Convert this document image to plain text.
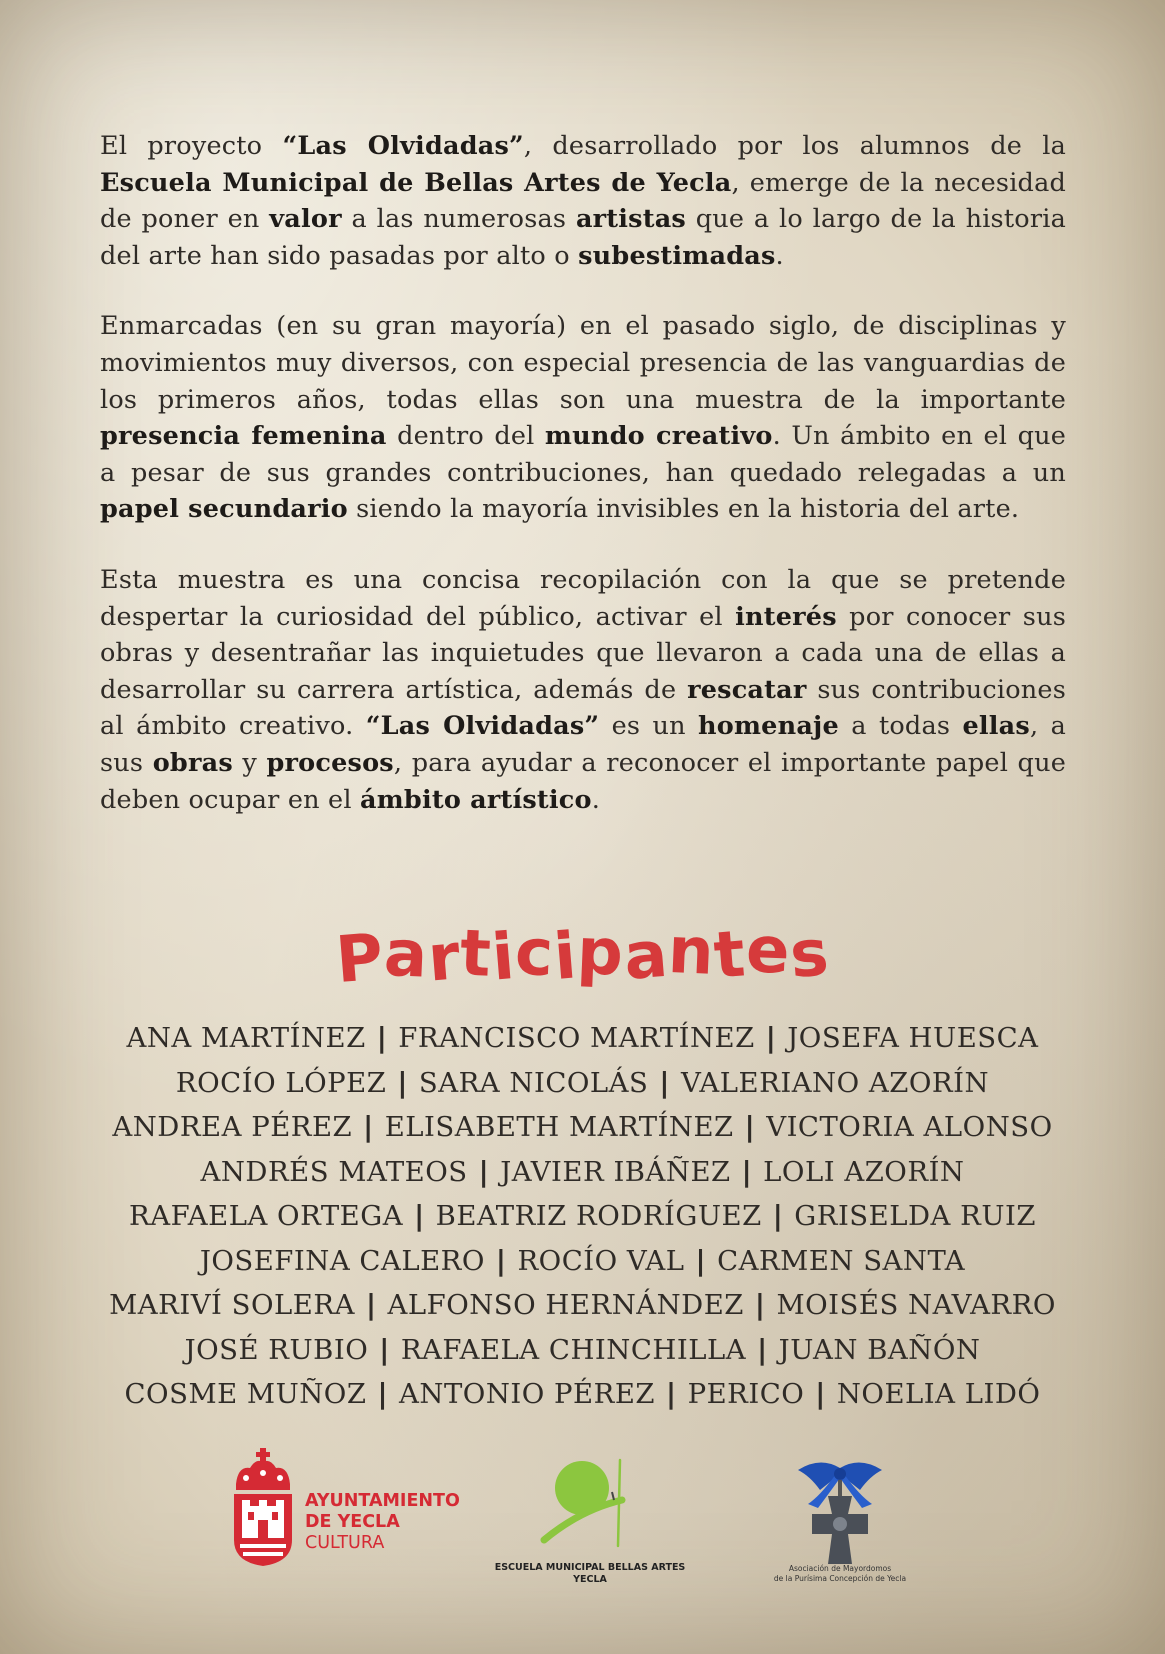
El proyecto “Las Olvidadas”, desarrollado por los alumnos de la Escuela Municipal de Bellas Artes de Yecla, emerge de la necesidad de poner en valor a las numerosas artistas que a lo largo de la historia del arte han sido pasadas por alto o subestimadas.

Enmarcadas (en su gran mayoría) en el pasado siglo, de disciplinas y movimientos muy diversos, con especial presencia de las vanguardias de los primeros años, todas ellas son una muestra de la importante presencia femenina dentro del mundo creativo. Un ámbito en el que a pesar de sus grandes contribuciones, han quedado relegadas a un papel secundario siendo la mayoría invisibles en la historia del arte.

Esta muestra es una concisa recopilación con la que se pretende despertar la curiosidad del público, activar el interés por conocer sus obras y desentrañar las inquietudes que llevaron a cada una de ellas a desarrollar su carrera artística, además de rescatar sus contribuciones al ámbito creativo. “Las Olvidadas” es un homenaje a todas ellas, a sus obras y procesos, para ayudar a reconocer el importante papel que deben ocupar en el ámbito artístico.

Participantes
ANA MARTÍNEZ | FRANCISCO MARTÍNEZ | JOSEFA HUESCA
ROCÍO LÓPEZ | SARA NICOLÁS | VALERIANO AZORÍN
ANDREA PÉREZ | ELISABETH MARTÍNEZ | VICTORIA ALONSO
ANDRÉS MATEOS | JAVIER IBÁÑEZ | LOLI AZORÍN
RAFAELA ORTEGA | BEATRIZ RODRÍGUEZ | GRISELDA RUIZ
JOSEFINA CALERO | ROCÍO VAL | CARMEN SANTA
MARIVÍ SOLERA | ALFONSO HERNÁNDEZ | MOISÉS NAVARRO
JOSÉ RUBIO | RAFAELA CHINCHILLA | JUAN BAÑÓN
COSME MUÑOZ | ANTONIO PÉREZ | PERICO | NOELIA LIDÓ
AYUNTAMIENTO
DE YECLA
CULTURA
ESCUELA MUNICIPAL BELLAS ARTES
YECLA
Asociación de Mayordomos
de la Purísima Concepción de Yecla
